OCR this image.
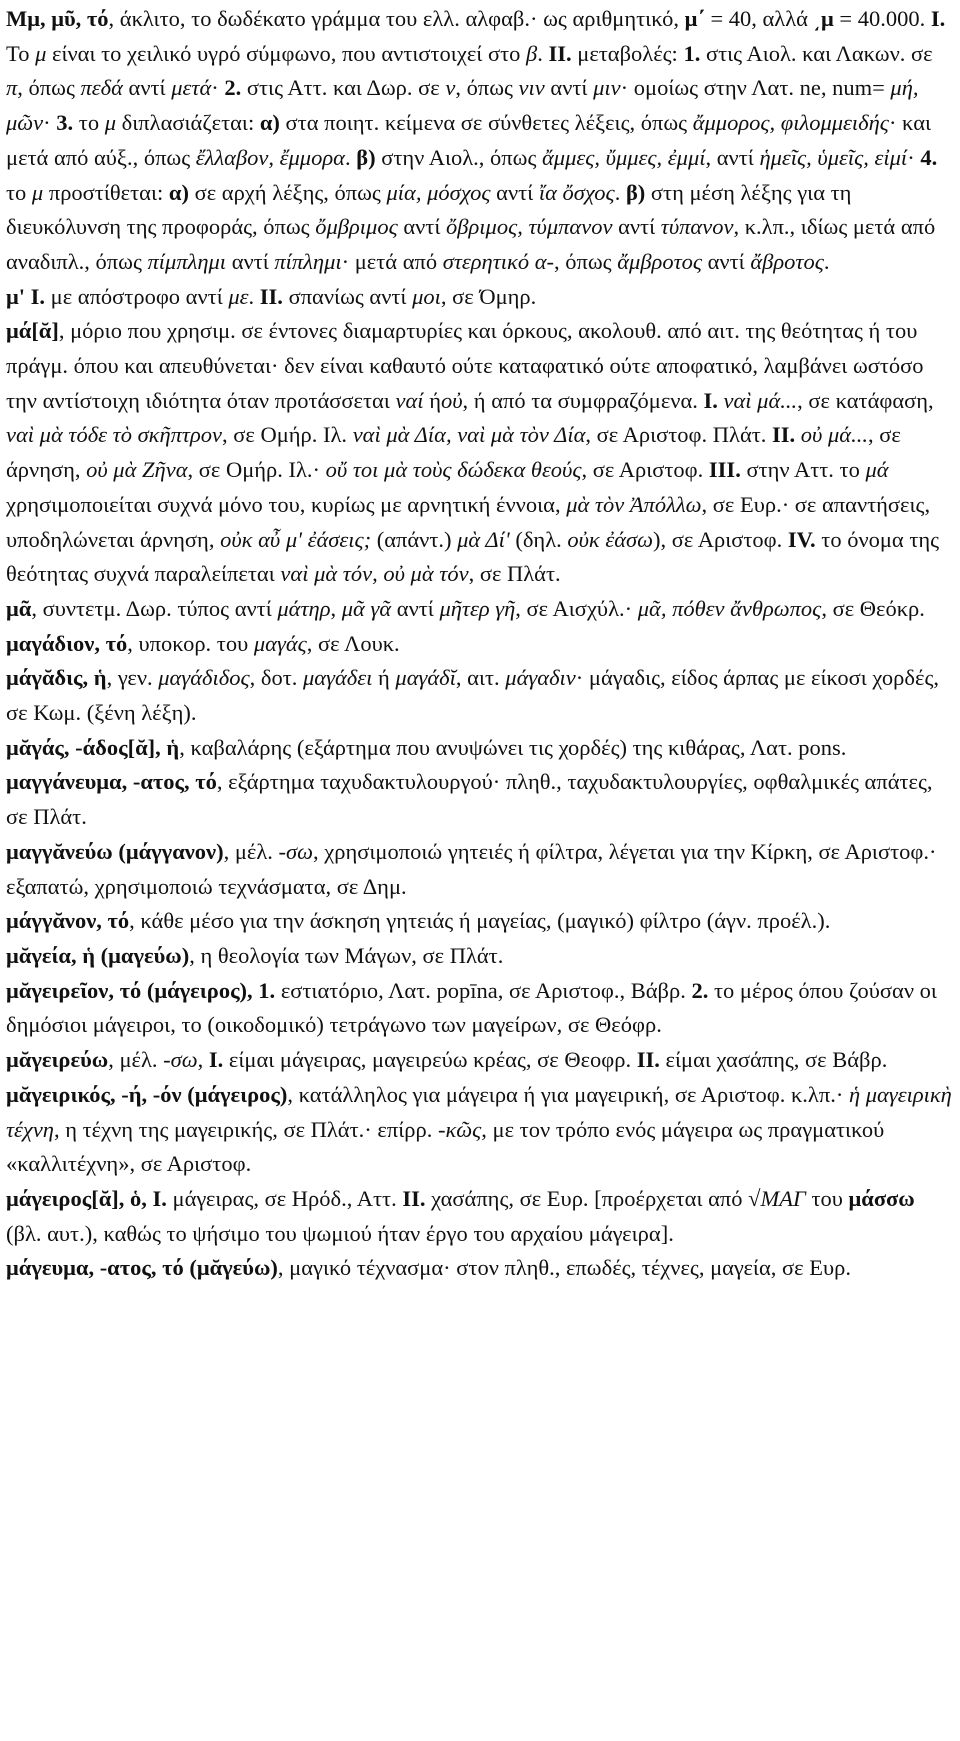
Μμ, μῦ, τό, άκλιτο, το δωδέκατο γράμμα του ελλ. αλφαβ.· ως αριθμητικό, μ΄ = 40, αλλά ͵μ = 40.000. I. Το μ είναι το χειλικό υγρό σύμφωνο, που αντιστοιχεί στο β. II. μεταβολές: 1. στις Αιολ. και Λακων. σε π, όπως πεδά αντί μετά· 2. στις Αττ. και Δωρ. σε ν, όπως νιν αντί μιν· ομοίως στην Λατ. ne, num= μή, μῶν· 3. το μ διπλασιάζεται: α) στα ποιητ. κείμενα σε σύνθετες λέξεις, όπως ἄμμορος, φιλομμειδής· και μετά από αύξ., όπως ἔλλαβον, ἔμμορα. β) στην Αιολ., όπως ἄμμες, ὔμμες, ἐμμί, αντί ἡμεῖς, ὑμεῖς, εἰμί· 4. το μ προστίθεται: α) σε αρχή λέξης, όπως μία, μόσχος αντί ἴα ὄσχος. β) στη μέση λέξης για τη διευκόλυνση της προφοράς, όπως ὄμβριμος αντί ὄβριμος, τύμπανον αντί τύπανον, κ.λπ., ιδίως μετά από αναδιπλ., όπως πίμπλημι αντί πίπλημι· μετά από στερητικό α-, όπως ἄμβροτος αντί ἄβροτος.

μ' I. με απόστροφο αντί με. II. σπανίως αντί μοι, σε Όμηρ.

μά[ᾰ], μόριο που χρησιμ. σε έντονες διαμαρτυρίες και όρκους, ακολουθ. από αιτ. της θεότητας ή του πράγμ. όπου και απευθύνεται· δεν είναι καθαυτό ούτε καταφατικό ούτε αποφατικό, λαμβάνει ωστόσο την αντίστοιχη ιδιότητα όταν προτάσσεται ναί ήοὐ, ή από τα συμφραζόμενα. I. ναὶ μά..., σε κατάφαση, ναὶ μὰ τόδε τὸ σκῆπτρον, σε Ομήρ. Ιλ. ναὶ μὰ Δία, ναὶ μὰ τὸν Δία, σε Αριστοφ. Πλάτ. II. οὐ μά..., σε άρνηση, οὐ μὰ Ζῆνα, σε Ομήρ. Ιλ.· οὔ τοι μὰ τοὺς δώδεκα θεούς, σε Αριστοφ. III. στην Αττ. το μά χρησιμοποιείται συχνά μόνο του, κυρίως με αρνητική έννοια, μὰ τὸν Ἀπόλλω, σε Ευρ.· σε απαντήσεις, υποδηλώνεται άρνηση, οὐκ αὖ μ' ἐάσεις; (απάντ.) μὰ Δί' (δηλ. οὐκ ἐάσω), σε Αριστοφ. IV. το όνομα της θεότητας συχνά παραλείπεται ναὶ μὰ τόν, οὐ μὰ τόν, σε Πλάτ.

μᾶ, συντετμ. Δωρ. τύπος αντί μάτηρ, μᾶ γᾶ αντί μῆτερ γῆ, σε Αισχύλ.· μᾶ, πόθεν ἄνθρωπος, σε Θεόκρ.

μαγάδιον, τό, υποκορ. του μαγάς, σε Λουκ.

μάγᾰδις, ἡ, γεν. μαγάδιδος, δοτ. μαγάδει ή μαγάδῐ, αιτ. μάγαδιν· μάγαδις, είδος άρπας με είκοσι χορδές, σε Κωμ. (ξένη λέξη).

μᾰγάς, -άδος[ᾰ], ἡ, καβαλάρης (εξάρτημα που ανυψώνει τις χορδές) της κιθάρας, Λατ. pons.

μαγγάνευμα, -ατος, τό, εξάρτημα ταχυδακτυλουργού· πληθ., ταχυδακτυλουργίες, οφθαλμικές απάτες, σε Πλάτ.

μαγγᾰνεύω (μάγγανον), μέλ. -σω, χρησιμοποιώ γητειές ή φίλτρα, λέγεται για την Κίρκη, σε Αριστοφ.· εξαπατώ, χρησιμοποιώ τεχνάσματα, σε Δημ.

μάγγᾰνον, τό, κάθε μέσο για την άσκηση γητειάς ή μαγείας, (μαγικό) φίλτρο (άγν. προέλ.).

μᾰγεία, ἡ (μαγεύω), η θεολογία των Μάγων, σε Πλάτ.

μᾰγειρεῖον, τό (μάγειρος), 1. εστιατόριο, Λατ. popīna, σε Αριστοφ., Βάβρ. 2. το μέρος όπου ζούσαν οι δημόσιοι μάγειροι, το (οικοδομικό) τετράγωνο των μαγείρων, σε Θεόφρ.

μᾰγειρεύω, μέλ. -σω, I. είμαι μάγειρας, μαγειρεύω κρέας, σε Θεοφρ. II. είμαι χασάπης, σε Βάβρ.

μᾰγειρικός, -ή, -όν (μάγειρος), κατάλληλος για μάγειρα ή για μαγειρική, σε Αριστοφ. κ.λπ.· ἡ μαγειρικὴ τέχνη, η τέχνη της μαγειρικής, σε Πλάτ.· επίρρ. -κῶς, με τον τρόπο ενός μάγειρα ως πραγματικού «καλλιτέχνη», σε Αριστοφ.

μάγειρος[ᾰ], ὁ, I. μάγειρας, σε Ηρόδ., Αττ. II. χασάπης, σε Ευρ. [προέρχεται από √ΜΑΓ του μάσσω (βλ. αυτ.), καθώς το ψήσιμο του ψωμιού ήταν έργο του αρχαίου μάγειρα].

μάγευμα, -ατος, τό (μᾰγεύω), μαγικό τέχνασμα· στον πληθ., επωδές, τέχνες, μαγεία, σε Ευρ.
